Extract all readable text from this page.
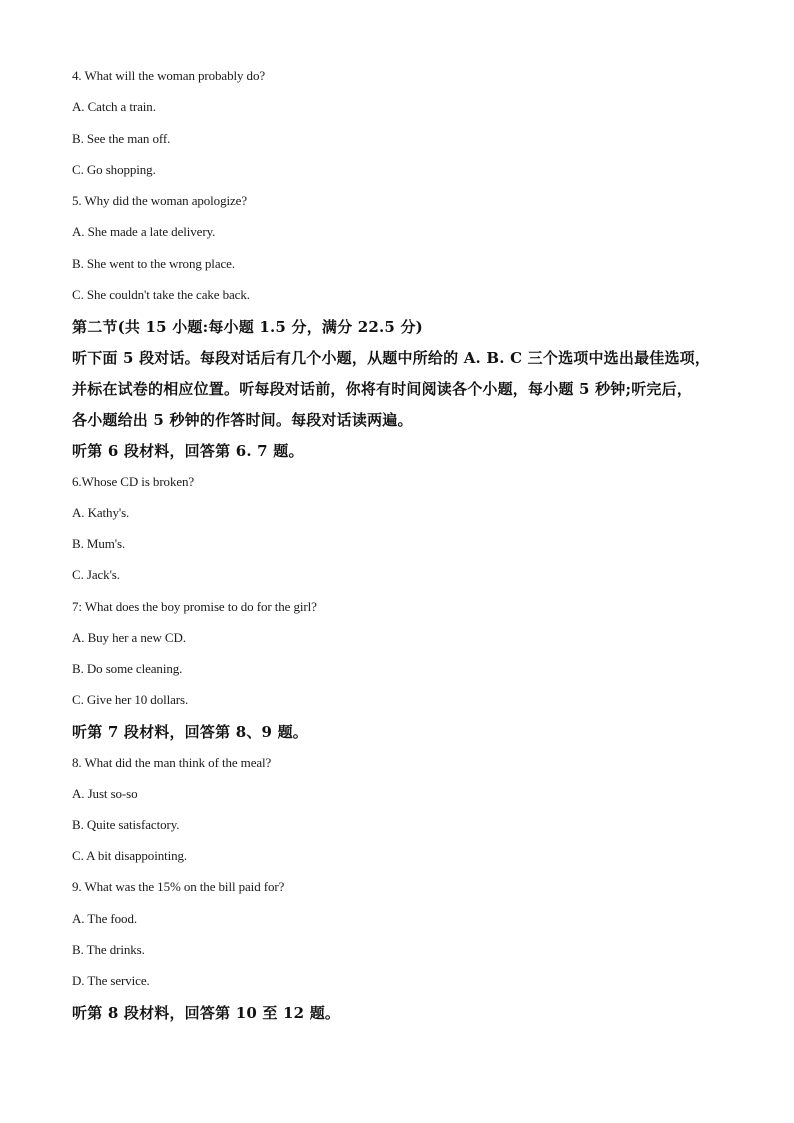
4. What will the woman probably do?
A. Catch a train.
B. See the man off.
C. Go shopping.
5. Why did the woman apologize?
A. She made a late delivery.
B. She went to the wrong place.
C. She couldn't take the cake back.
第二节(共 15 小题:每小题 1.5 分，满分 22.5 分)
听下面 5 段对话。每段对话后有几个小题，从题中所给的 A. B. C 三个选项中选出最佳选项，
并标在试卷的相应位置。听每段对话前，你将有时间阅读各个小题，每小题 5 秒钟;听完后，
各小题给出 5 秒钟的作答时间。每段对话读两遍。
听第 6 段材料，回答第 6. 7 题。
6.Whose CD is broken?
A. Kathy's.
B. Mum's.
C. Jack's.
7: What does the boy promise to do for the girl?
A. Buy her a new CD.
B. Do some cleaning.
C. Give her 10 dollars.
听第 7 段材料，回答第 8、9 题。
8. What did the man think of the meal?
A. Just so-so
B. Quite satisfactory.
C. A bit disappointing.
9. What was the 15% on the bill paid for?
A. The food.
B. The drinks.
D. The service.
听第 8 段材料，回答第 10 至 12 题。
